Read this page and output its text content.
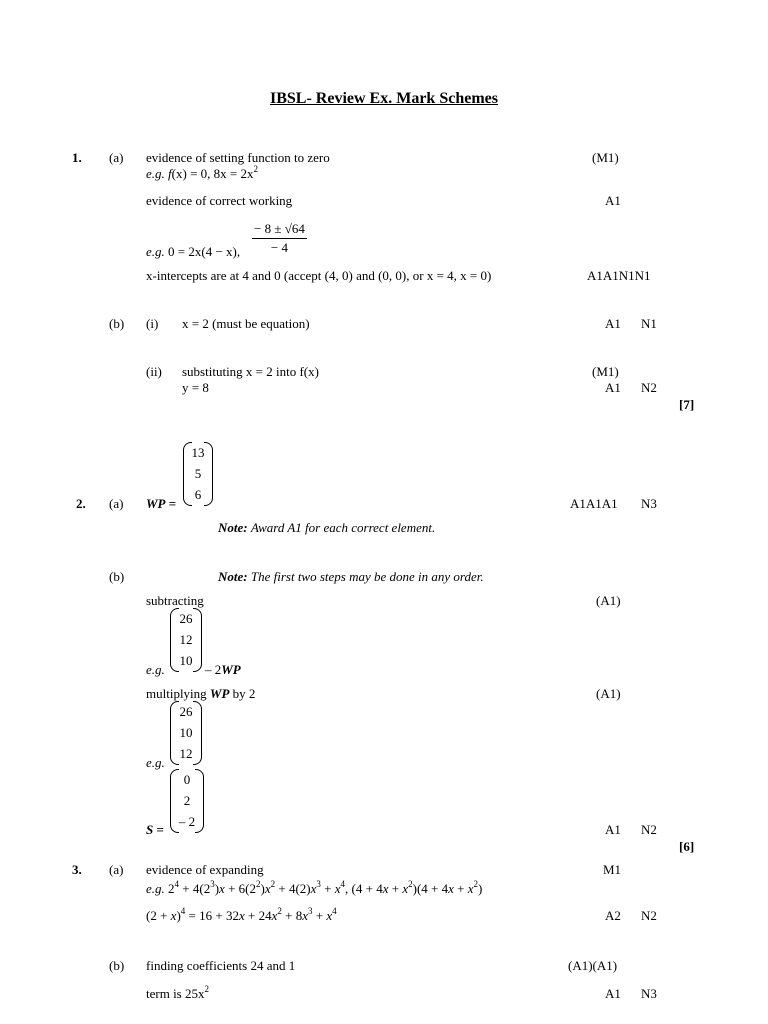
IBSL- Review Ex. Mark Schemes
1. (a) evidence of setting function to zero	(M1)
e.g. f(x) = 0, $8x = 2x^2$
evidence of correct working	A1
$\frac{- 8 \pm √64}{- 4}$
e.g. 0 = 2x(4 − x),
x-intercepts are at 4 and 0 (accept (4, 0) and (0, 0), or x = 4, x = 0)	A1A1N1N1
(b) (i) x = 2 (must be equation)	A1 N1
(ii) substituting x = 2 into f(x)	(M1)
y = 8	A1 N2
[7]
13
5
6
2. (a) WP =	A1A1A1 N3
Note: Award A1 for each correct element.
(b)	Note: The first two steps may be done in any order.
subtracting	(A1)
26
12
10
e.g.	– 2WP
multiplying WP by 2	(A1)
26
10
12
e.g.
0
2
– 2
S =	A1 N2
[6]
3. (a) evidence of expanding	M1
e.g. $2^4 + 4(2^3)x + 6(2^2)x^2 + 4(2)x^3 + x^4$, $(4 + 4x + x^2)(4 + 4x + x^2)$
$(2 + x)^4 = 16 + 32x + 24x^2 + 8x^3 + x^4$	A2 N2
(b) finding coefficients 24 and 1	(A1)(A1)
term is $25x^2$	A1 N3
